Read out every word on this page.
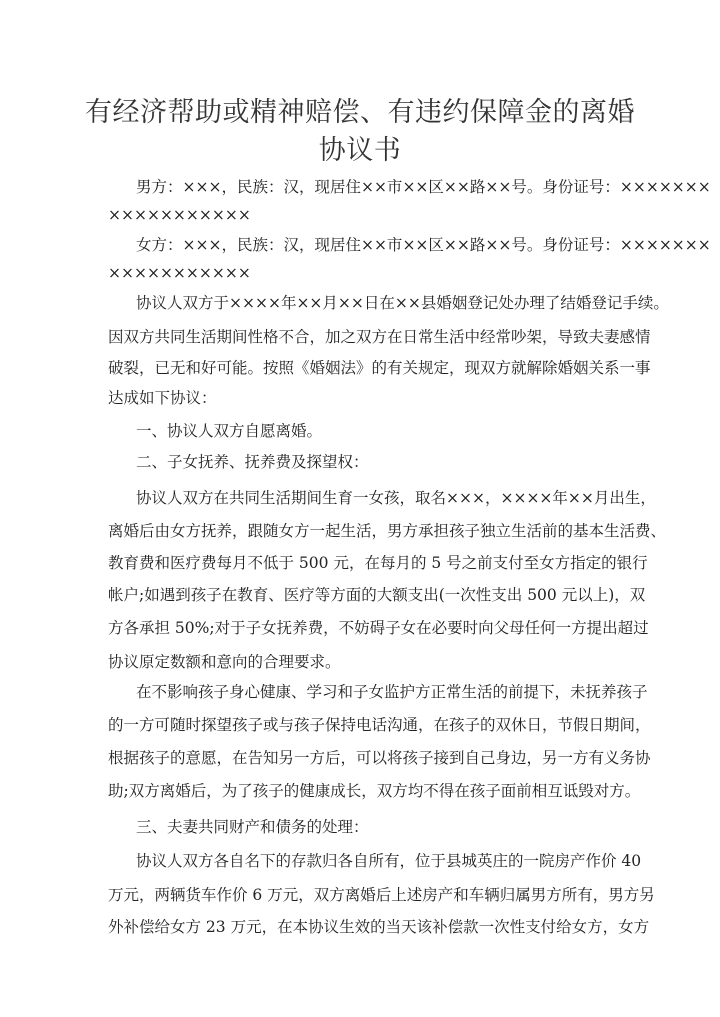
有经济帮助或精神赔偿、有违约保障金的离婚
协议书
男方：×××，民族：汉，现居住××市××区××路××号。身份证号：×××××××
×××××××××××
女方：×××，民族：汉，现居住××市××区××路××号。身份证号：×××××××
×××××××××××
协议人双方于××××年××月××日在××县婚姻登记处办理了结婚登记手续。
因双方共同生活期间性格不合，加之双方在日常生活中经常吵架，导致夫妻感情
破裂，已无和好可能。按照《婚姻法》的有关规定，现双方就解除婚姻关系一事
达成如下协议：
一、协议人双方自愿离婚。
二、子女抚养、抚养费及探望权：
协议人双方在共同生活期间生育一女孩，取名×××，××××年××月出生，
离婚后由女方抚养，跟随女方一起生活，男方承担孩子独立生活前的基本生活费、
教育费和医疗费每月不低于 500 元，在每月的 5 号之前支付至女方指定的银行
帐户;如遇到孩子在教育、医疗等方面的大额支出(一次性支出 500 元以上)，双
方各承担 50%;对于子女抚养费，不妨碍子女在必要时向父母任何一方提出超过
协议原定数额和意向的合理要求。
在不影响孩子身心健康、学习和子女监护方正常生活的前提下，未抚养孩子
的一方可随时探望孩子或与孩子保持电话沟通，在孩子的双休日，节假日期间，
根据孩子的意愿，在告知另一方后，可以将孩子接到自己身边，另一方有义务协
助;双方离婚后，为了孩子的健康成长，双方均不得在孩子面前相互诋毁对方。
三、夫妻共同财产和债务的处理：
协议人双方各自名下的存款归各自所有，位于县城英庄的一院房产作价 40
万元，两辆货车作价 6 万元，双方离婚后上述房产和车辆归属男方所有，男方另
外补偿给女方 23 万元，在本协议生效的当天该补偿款一次性支付给女方，女方
